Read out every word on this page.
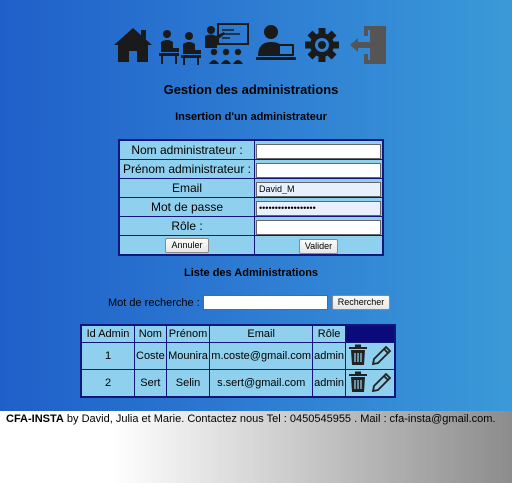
Gestion des administrations
Insertion d'un administrateur
Nom administrateur :	
Prénom administrateur :	
Email	David_M
Mot de passe	••••••••••••••••••
Rôle :	
Annuler	Valider
Liste des Administrations
Mot de recherche :	Rechercher
Id Admin	Nom	Prénom	Email	Rôle	
1	Coste	Mounira	m.coste@gmail.com	admin	
2	Sert	Selin	s.sert@gmail.com	admin	

CFA-INSTA by David, Julia et Marie. Contactez nous Tel : 0450545955 . Mail : cfa-insta@gmail.com.
